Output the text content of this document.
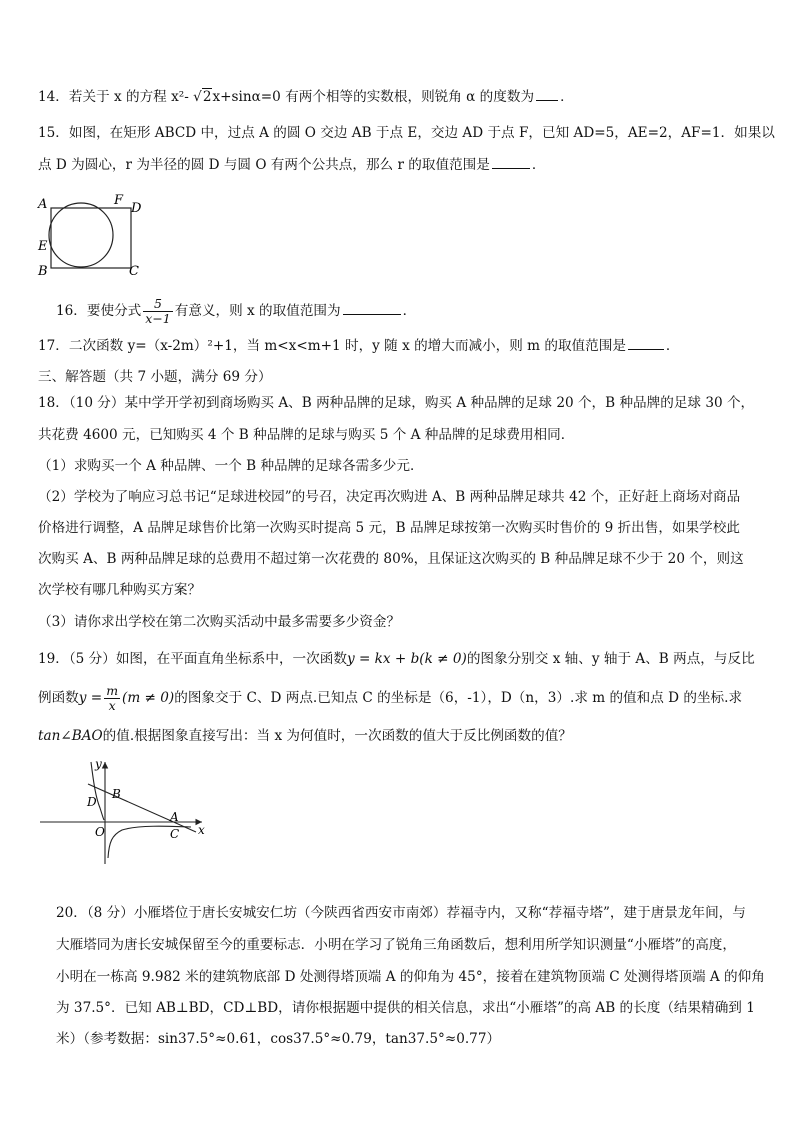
14．若关于 x 的方程 x²- √2x+sinα=0 有两个相等的实数根，则锐角 α 的度数为 ．
15．如图，在矩形 ABCD 中，过点 A 的圆 O 交边 AB 于点 E，交边 AD 于点 F，已知 AD=5，AE=2，AF=1．如果以
点 D 为圆心，r 为半径的圆 D 与圆 O 有两个公共点，那么 r 的取值范围是	．
A	F
D
E
B	C
16．要使分式 $\frac{5}{x-1}$ 有意义，则 x 的取值范围为	．
17．二次函数 y=（x-2m）²+1，当 m<x<m+1 时，y 随 x 的增大而减小，则 m 的取值范围是	．
三、解答题（共 7 小题，满分 69 分）
18．（10 分）某中学开学初到商场购买 A、B 两种品牌的足球，购买 A 种品牌的足球 20 个，B 种品牌的足球 30 个，
共花费 4600 元，已知购买 4 个 B 种品牌的足球与购买 5 个 A 种品牌的足球费用相同．
（1）求购买一个 A 种品牌、一个 B 种品牌的足球各需多少元．
（2）学校为了响应习总书记“足球进校园”的号召，决定再次购进 A、B 两种品牌足球共 42 个，正好赶上商场对商品
价格进行调整，A 品牌足球售价比第一次购买时提高 5 元，B 品牌足球按第一次购买时售价的 9 折出售，如果学校此
次购买 A、B 两种品牌足球的总费用不超过第一次花费的 80%，且保证这次购买的 B 种品牌足球不少于 20 个，则这
次学校有哪几种购买方案？
（3）请你求出学校在第二次购买活动中最多需要多少资金？
19．（5 分）如图，在平面直角坐标系中，一次函数y = kx + b(k ≠ 0)的图象分别交 x 轴、y 轴于 A、B 两点，与反比
例函数$y = \frac{m}{x} (m \ne 0)$的图象交于 C、D 两点.已知点 C 的坐标是（6，-1），D（n，3）.求 m 的值和点 D 的坐标.求
tan∠BAO的值.根据图象直接写出：当 x 为何值时，一次函数的值大于反比例函数的值？
y
x
O
B
D
A
C
20．（8 分）小雁塔位于唐长安城安仁坊（今陕西省西安市南郊）荐福寺内，又称“荐福寺塔”，建于唐景龙年间，与
大雁塔同为唐长安城保留至今的重要标志．小明在学习了锐角三角函数后，想利用所学知识测量“小雁塔”的高度，
小明在一栋高 9.982 米的建筑物底部 D 处测得塔顶端 A 的仰角为 45°，接着在建筑物顶端 C 处测得塔顶端 A 的仰角
为 37.5°．已知 AB⊥BD，CD⊥BD，请你根据题中提供的相关信息，求出“小雁塔”的高 AB 的长度（结果精确到 1
米）（参考数据：sin37.5°≈0.61，cos37.5°≈0.79，tan37.5°≈0.77）
